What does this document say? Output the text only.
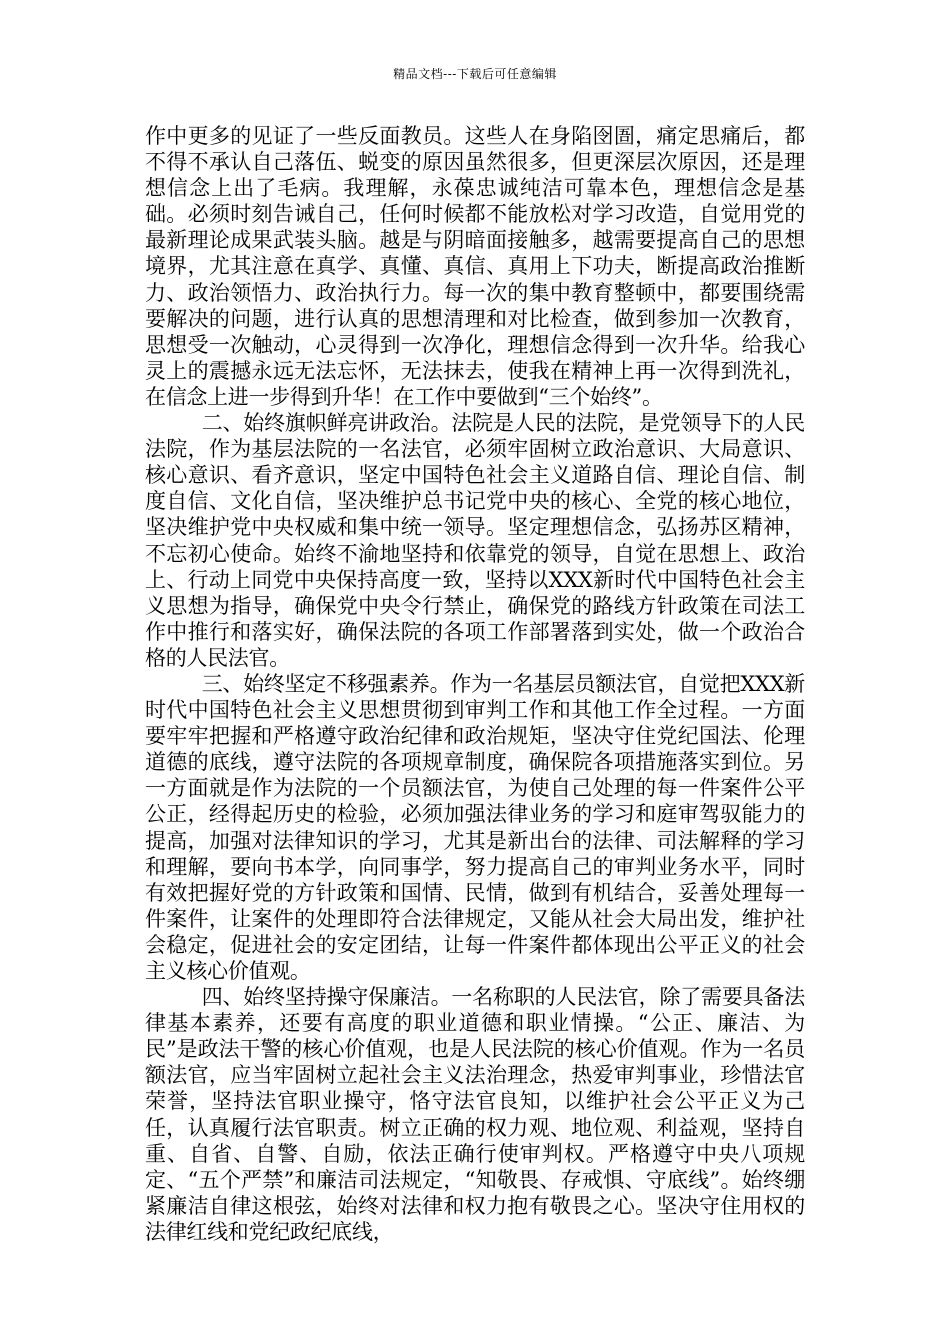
精品文档---下载后可任意编辑

作中更多的见证了一些反面教员。这些人在身陷囹圄，痛定思痛后，都不得不承认自己落伍、蜕变的原因虽然很多，但更深层次原因，还是理想信念上出了毛病。我理解，永葆忠诚纯洁可靠本色，理想信念是基础。必须时刻告诫自己，任何时候都不能放松对学习改造，自觉用党的最新理论成果武装头脑。越是与阴暗面接触多，越需要提高自己的思想境界，尤其注意在真学、真懂、真信、真用上下功夫，断提高政治推断力、政治领悟力、政治执行力。每一次的集中教育整顿中，都要围绕需要解决的问题，进行认真的思想清理和对比检查，做到参加一次教育，思想受一次触动，心灵得到一次净化，理想信念得到一次升华。给我心灵上的震撼永远无法忘怀，无法抹去，使我在精神上再一次得到洗礼，在信念上进一步得到升华！在工作中要做到“三个始终”。

二、始终旗帜鲜亮讲政治。法院是人民的法院，是党领导下的人民法院，作为基层法院的一名法官，必须牢固树立政治意识、大局意识、核心意识、看齐意识，坚定中国特色社会主义道路自信、理论自信、制度自信、文化自信，坚决维护总书记党中央的核心、全党的核心地位，坚决维护党中央权威和集中统一领导。坚定理想信念，弘扬苏区精神，不忘初心使命。始终不渝地坚持和依靠党的领导，自觉在思想上、政治上、行动上同党中央保持高度一致，坚持以XXX新时代中国特色社会主义思想为指导，确保党中央令行禁止，确保党的路线方针政策在司法工作中推行和落实好，确保法院的各项工作部署落到实处，做一个政治合格的人民法官。

三、始终坚定不移强素养。作为一名基层员额法官，自觉把XXX新时代中国特色社会主义思想贯彻到审判工作和其他工作全过程。一方面要牢牢把握和严格遵守政治纪律和政治规矩，坚决守住党纪国法、伦理道德的底线，遵守法院的各项规章制度，确保院各项措施落实到位。另一方面就是作为法院的一个员额法官，为使自己处理的每一件案件公平公正，经得起历史的检验，必须加强法律业务的学习和庭审驾驭能力的提高，加强对法律知识的学习，尤其是新出台的法律、司法解释的学习和理解，要向书本学，向同事学，努力提高自己的审判业务水平，同时有效把握好党的方针政策和国情、民情，做到有机结合，妥善处理每一件案件，让案件的处理即符合法律规定，又能从社会大局出发，维护社会稳定，促进社会的安定团结，让每一件案件都体现出公平正义的社会主义核心价值观。

四、始终坚持操守保廉洁。一名称职的人民法官，除了需要具备法律基本素养，还要有高度的职业道德和职业情操。“公正、廉洁、为民”是政法干警的核心价值观，也是人民法院的核心价值观。作为一名员额法官，应当牢固树立起社会主义法治理念，热爱审判事业，珍惜法官荣誉，坚持法官职业操守，恪守法官良知，以维护社会公平正义为己任，认真履行法官职责。树立正确的权力观、地位观、利益观，坚持自重、自省、自警、自励，依法正确行使审判权。严格遵守中央八项规定、“五个严禁”和廉洁司法规定，“知敬畏、存戒惧、守底线”。始终绷紧廉洁自律这根弦，始终对法律和权力抱有敬畏之心。坚决守住用权的法律红线和党纪政纪底线，
